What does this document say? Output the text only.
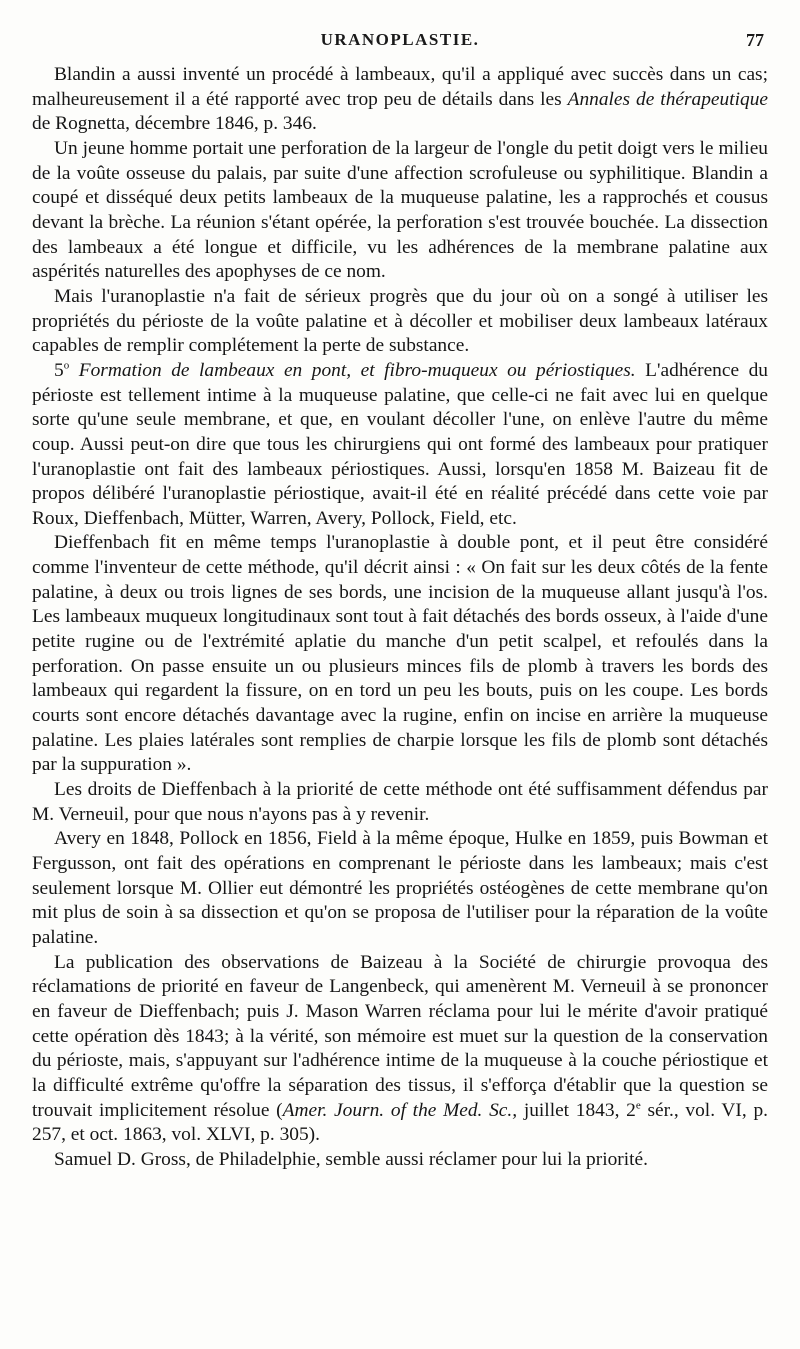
URANOPLASTIE.	77

Blandin a aussi inventé un procédé à lambeaux, qu'il a appliqué avec succès dans un cas; malheureusement il a été rapporté avec trop peu de détails dans les Annales de thérapeutique de Rognetta, décembre 1846, p. 346.

Un jeune homme portait une perforation de la largeur de l'ongle du petit doigt vers le milieu de la voûte osseuse du palais, par suite d'une affection scrofuleuse ou syphilitique. Blandin a coupé et disséqué deux petits lambeaux de la muqueuse palatine, les a rapprochés et cousus devant la brèche. La réunion s'étant opérée, la perforation s'est trouvée bouchée. La dissection des lambeaux a été longue et difficile, vu les adhérences de la membrane palatine aux aspérités naturelles des apophyses de ce nom.

Mais l'uranoplastie n'a fait de sérieux progrès que du jour où on a songé à utiliser les propriétés du périoste de la voûte palatine et à décoller et mobiliser deux lambeaux latéraux capables de remplir complétement la perte de substance.

5$^o$ Formation de lambeaux en pont, et fibro-muqueux ou périostiques. L'adhérence du périoste est tellement intime à la muqueuse palatine, que celle-ci ne fait avec lui en quelque sorte qu'une seule membrane, et que, en voulant décoller l'une, on enlève l'autre du même coup. Aussi peut-on dire que tous les chirurgiens qui ont formé des lambeaux pour pratiquer l'uranoplastie ont fait des lambeaux périostiques. Aussi, lorsqu'en 1858 M. Baizeau fit de propos délibéré l'uranoplastie périostique, avait-il été en réalité précédé dans cette voie par Roux, Dieffenbach, Mütter, Warren, Avery, Pollock, Field, etc.

Dieffenbach fit en même temps l'uranoplastie à double pont, et il peut être considéré comme l'inventeur de cette méthode, qu'il décrit ainsi : « On fait sur les deux côtés de la fente palatine, à deux ou trois lignes de ses bords, une incision de la muqueuse allant jusqu'à l'os. Les lambeaux muqueux longitudinaux sont tout à fait détachés des bords osseux, à l'aide d'une petite rugine ou de l'extrémité aplatie du manche d'un petit scalpel, et refoulés dans la perforation. On passe ensuite un ou plusieurs minces fils de plomb à travers les bords des lambeaux qui regardent la fissure, on en tord un peu les bouts, puis on les coupe. Les bords courts sont encore détachés davantage avec la rugine, enfin on incise en arrière la muqueuse palatine. Les plaies latérales sont remplies de charpie lorsque les fils de plomb sont détachés par la suppuration ».

Les droits de Dieffenbach à la priorité de cette méthode ont été suffisamment défendus par M. Verneuil, pour que nous n'ayons pas à y revenir.

Avery en 1848, Pollock en 1856, Field à la même époque, Hulke en 1859, puis Bowman et Fergusson, ont fait des opérations en comprenant le périoste dans les lambeaux; mais c'est seulement lorsque M. Ollier eut démontré les propriétés ostéogènes de cette membrane qu'on mit plus de soin à sa dissection et qu'on se proposa de l'utiliser pour la réparation de la voûte palatine.

La publication des observations de Baizeau à la Société de chirurgie provoqua des réclamations de priorité en faveur de Langenbeck, qui amenèrent M. Verneuil à se prononcer en faveur de Dieffenbach; puis J. Mason Warren réclama pour lui le mérite d'avoir pratiqué cette opération dès 1843; à la vérité, son mémoire est muet sur la question de la conservation du périoste, mais, s'appuyant sur l'adhérence intime de la muqueuse à la couche périostique et la difficulté extrême qu'offre la séparation des tissus, il s'efforça d'établir que la question se trouvait implicitement résolue (Amer. Journ. of the Med. Sc., juillet 1843, 2e sér., vol. VI, p. 257, et oct. 1863, vol. XLVI, p. 305).

Samuel D. Gross, de Philadelphie, semble aussi réclamer pour lui la priorité.
